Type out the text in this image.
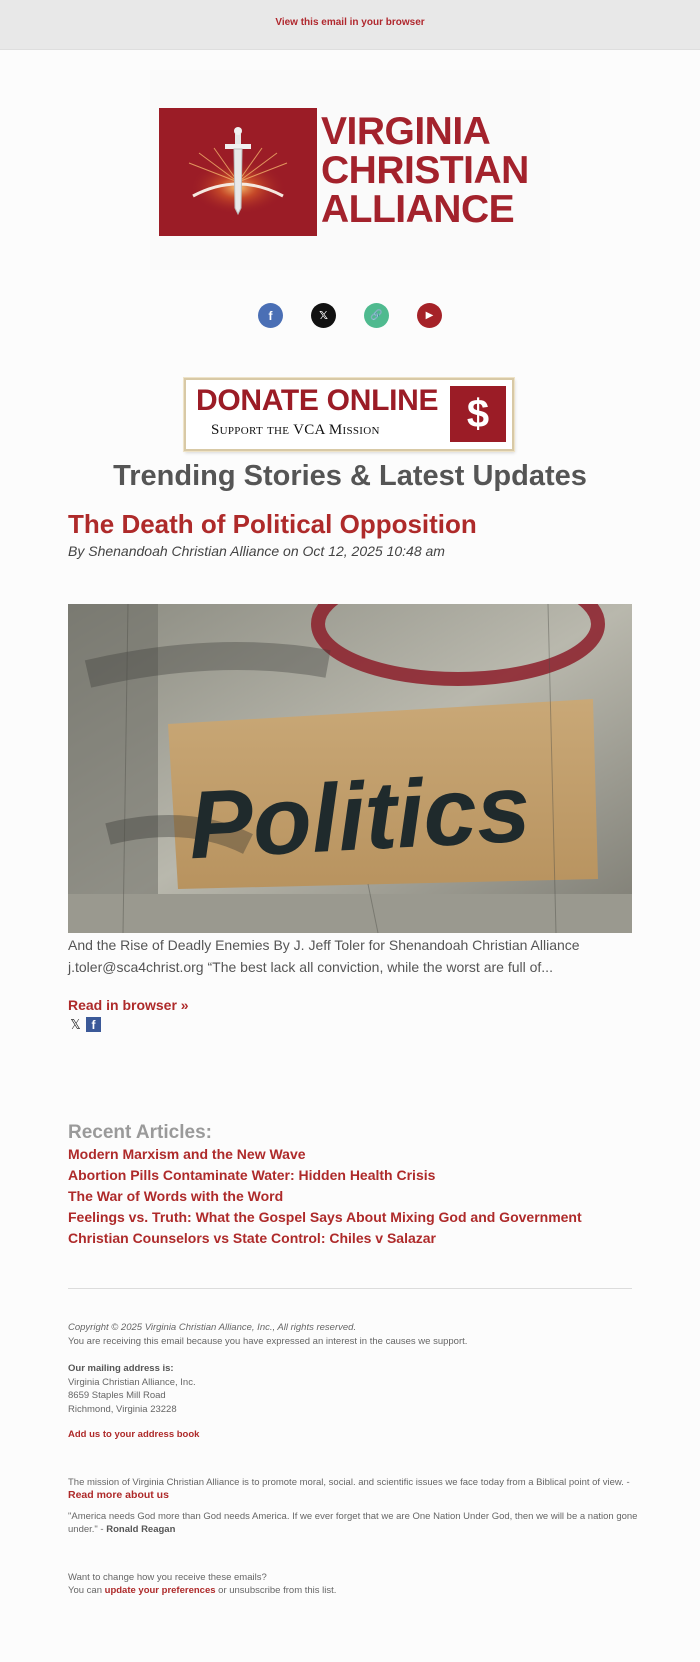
View this email in your browser
VIRGINIA
CHRISTIAN
ALLIANCE
f	𝕏	🔗	▶
DONATE ONLINE
Support the VCA Mission	$
Trending Stories & Latest Updates
The Death of Political Opposition
By Shenandoah Christian Alliance on Oct 12, 2025 10:48 am
Politics
And the Rise of Deadly Enemies By J. Jeff Toler for Shenandoah Christian Alliance
j.toler@sca4christ.org “The best lack all conviction, while the worst are full of...
Read in browser »
𝕏 f
Recent Articles:
Modern Marxism and the New Wave
Abortion Pills Contaminate Water: Hidden Health Crisis
The War of Words with the Word
Feelings vs. Truth: What the Gospel Says About Mixing God and Government
Christian Counselors vs State Control: Chiles v Salazar
Copyright © 2025 Virginia Christian Alliance, Inc., All rights reserved.
You are receiving this email because you have expressed an interest in the causes we support.
Our mailing address is:
Virginia Christian Alliance, Inc.
8659 Staples Mill Road
Richmond, Virginia 23228
Add us to your address book
The mission of Virginia Christian Alliance is to promote moral, social. and scientific issues we face today from a Biblical point of view. - Read more about us
"America needs God more than God needs America. If we ever forget that we are One Nation Under God, then we will be a nation gone under." - Ronald Reagan
Want to change how you receive these emails?
You can update your preferences or unsubscribe from this list.
